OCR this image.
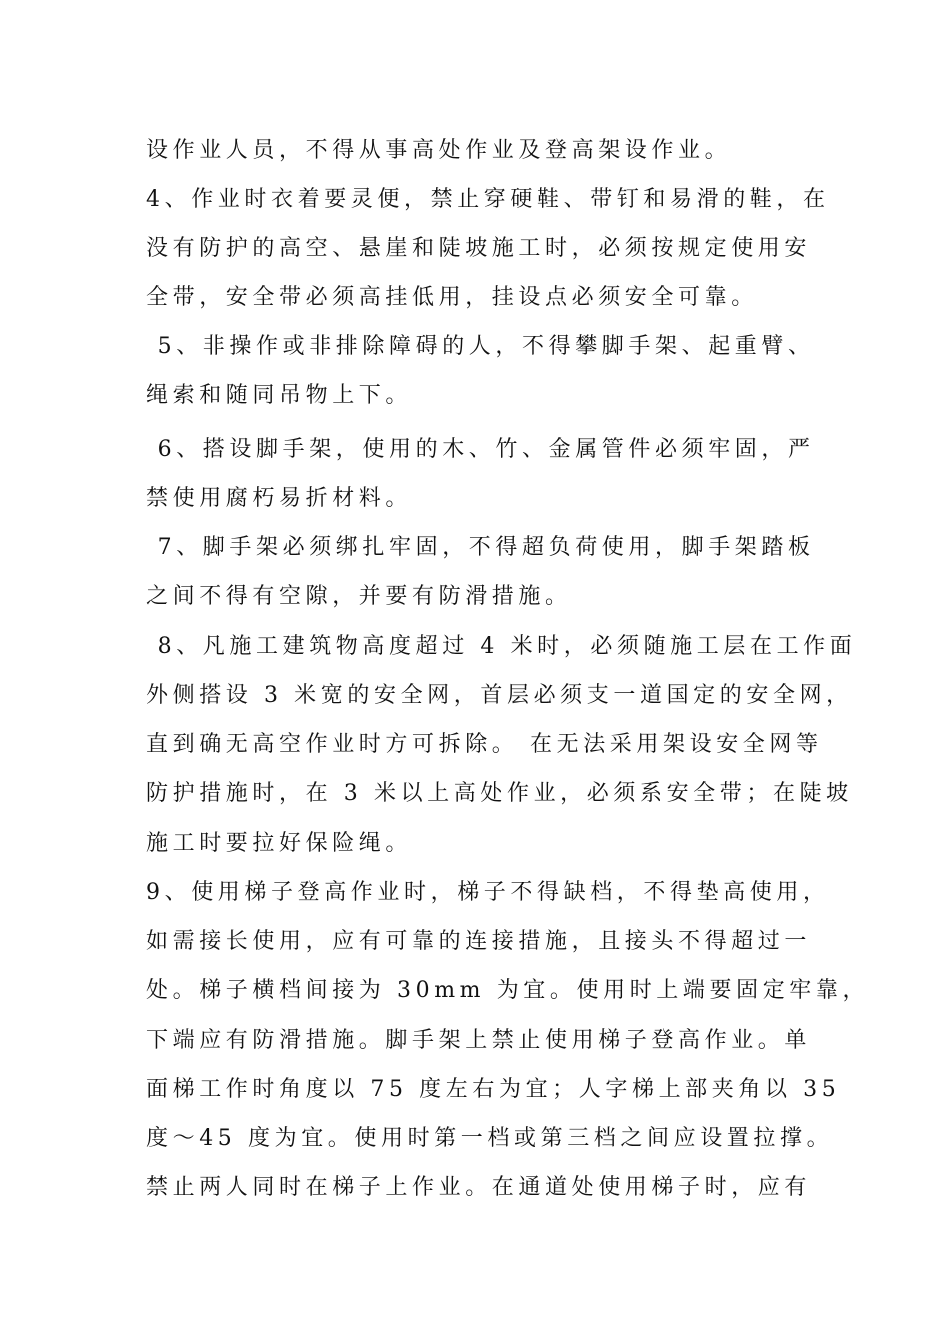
设作业人员，不得从事高处作业及登高架设作业。
4、作业时衣着要灵便，禁止穿硬鞋、带钉和易滑的鞋，在
没有防护的高空、悬崖和陡坡施工时，必须按规定使用安
全带，安全带必须高挂低用，挂设点必须安全可靠。
5、非操作或非排除障碍的人，不得攀脚手架、起重臂、
绳索和随同吊物上下。
6、搭设脚手架，使用的木、竹、金属管件必须牢固，严
禁使用腐朽易折材料。
7、脚手架必须绑扎牢固，不得超负荷使用，脚手架踏板
之间不得有空隙，并要有防滑措施。
8、凡施工建筑物高度超过 4 米时，必须随施工层在工作面
外侧搭设 3 米宽的安全网，首层必须支一道国定的安全网，
直到确无高空作业时方可拆除。 在无法采用架设安全网等
防护措施时，在 3 米以上高处作业，必须系安全带；在陡坡
施工时要拉好保险绳。
9、使用梯子登高作业时，梯子不得缺档，不得垫高使用，
如需接长使用，应有可靠的连接措施，且接头不得超过一
处。梯子横档间接为 30mm 为宜。使用时上端要固定牢靠，
下端应有防滑措施。脚手架上禁止使用梯子登高作业。单
面梯工作时角度以 75 度左右为宜；人字梯上部夹角以 35
度～45 度为宜。使用时第一档或第三档之间应设置拉撑。
禁止两人同时在梯子上作业。在通道处使用梯子时，应有
